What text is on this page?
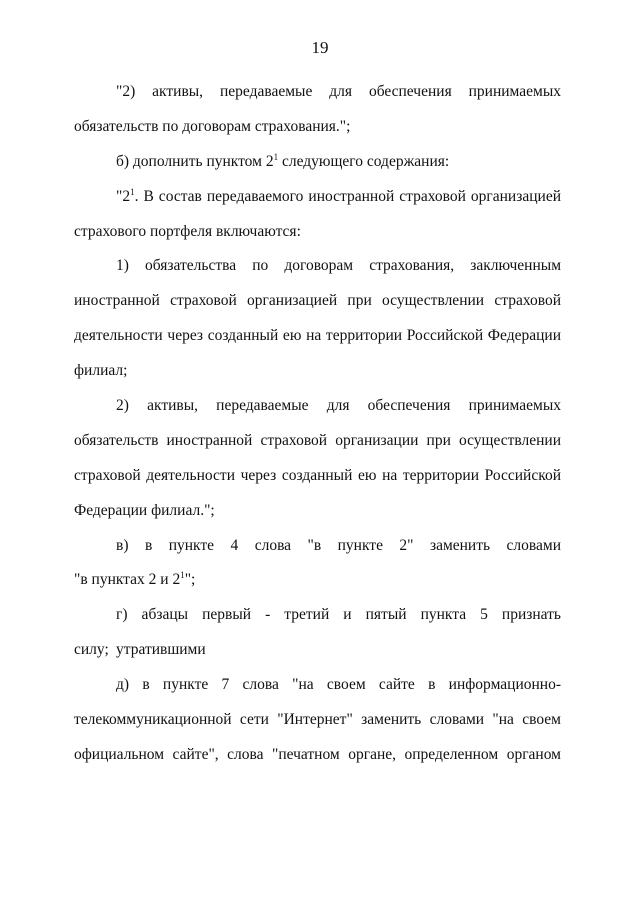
19
"2) активы, передаваемые для обеспечения принимаемых
обязательств по договорам страхования.";
б) дополнить пунктом $2^1$ следующего содержания:
"$2^1$. В состав передаваемого иностранной страховой организацией
страхового портфеля включаются:
1) обязательства по договорам страхования, заключенным
иностранной страховой организацией при осуществлении страховой
деятельности через созданный ею на территории Российской Федерации
филиал;
2) активы, передаваемые для обеспечения принимаемых
обязательств иностранной страховой организации при осуществлении
страховой деятельности через созданный ею на территории Российской
Федерации филиал.";
в) в пункте 4 слова "в пункте 2" заменить словами
"в пунктах 2 и $2^1$";
г) абзацы первый - третий и пятый пункта 5 признать утратившими
силу;
д) в пункте 7 слова "на своем сайте в информационно-
телекоммуникационной сети "Интернет" заменить словами "на своем
официальном сайте", слова "печатном органе, определенном органом
